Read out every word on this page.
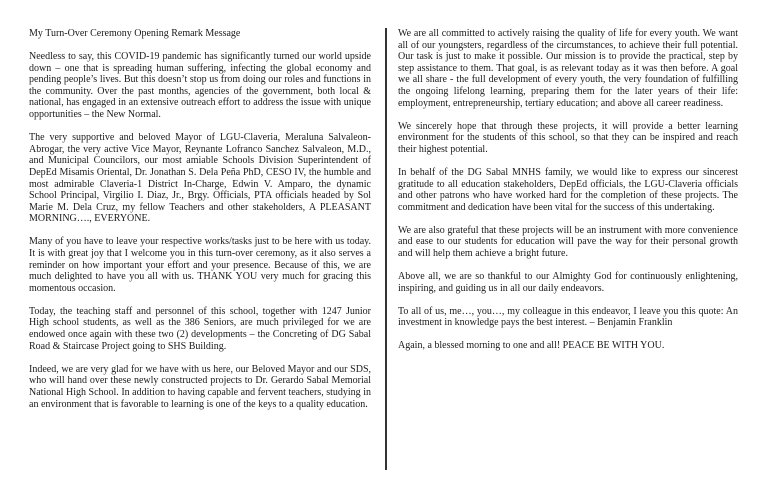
My Turn-Over Ceremony Opening Remark Message

Needless to say, this COVID-19 pandemic has significantly turned our world upside down – one that is spreading human suffering, infecting the global economy and pending people’s lives. But this doesn’t stop us from doing our roles and functions in the community. Over the past months, agencies of the government, both local & national, has engaged in an extensive outreach effort to address the issue with unique opportunities – the New Normal.

The very supportive and beloved Mayor of LGU-Claveria, Meraluna Salvaleon-Abrogar, the very active Vice Mayor, Reynante Lofranco Sanchez Salvaleon, M.D., and Municipal Councilors, our most amiable Schools Division Superintendent of DepEd Misamis Oriental, Dr. Jonathan S. Dela Peña PhD, CESO IV, the humble and most admirable Claveria-1 District In-Charge, Edwin V. Amparo, the dynamic School Principal, Virgilio I. Diaz, Jr., Brgy. Officials, PTA officials headed by Sol Marie M. Dela Cruz, my fellow Teachers and other stakeholders, A PLEASANT MORNING…., EVERYONE.

Many of you have to leave your respective works/tasks just to be here with us today. It is with great joy that I welcome you in this turn-over ceremony, as it also serves a reminder on how important your effort and your presence. Because of this, we are much delighted to have you all with us. THANK YOU very much for gracing this momentous occasion.

Today, the teaching staff and personnel of this school, together with 1247 Junior High school students, as well as the 386 Seniors, are much privileged for we are endowed once again with these two (2) developments – the Concreting of DG Sabal Road & Staircase Project going to SHS Building.

Indeed, we are very glad for we have with us here, our Beloved Mayor and our SDS, who will hand over these newly constructed projects to Dr. Gerardo Sabal Memorial National High School. In addition to having capable and fervent teachers, studying in an environment that is favorable to learning is one of the keys to a quality education.

We are all committed to actively raising the quality of life for every youth. We want all of our youngsters, regardless of the circumstances, to achieve their full potential. Our task is just to make it possible. Our mission is to provide the practical, step by step assistance to them. That goal, is as relevant today as it was then before. A goal we all share - the full development of every youth, the very foundation of fulfilling the ongoing lifelong learning, preparing them for the later years of their life: employment, entrepreneurship, tertiary education; and above all career readiness.

We sincerely hope that through these projects, it will provide a better learning environment for the students of this school, so that they can be inspired and reach their highest potential.

In behalf of the DG Sabal MNHS family, we would like to express our sincerest gratitude to all education stakeholders, DepEd officials, the LGU-Claveria officials and other patrons who have worked hard for the completion of these projects. The commitment and dedication have been vital for the success of this undertaking.

We are also grateful that these projects will be an instrument with more convenience and ease to our students for education will pave the way for their personal growth and will help them achieve a bright future.

Above all, we are so thankful to our Almighty God for continuously enlightening, inspiring, and guiding us in all our daily endeavors.

To all of us, me…, you…, my colleague in this endeavor, I leave you this quote: An investment in knowledge pays the best interest. – Benjamin Franklin

Again, a blessed morning to one and all! PEACE BE WITH YOU.
